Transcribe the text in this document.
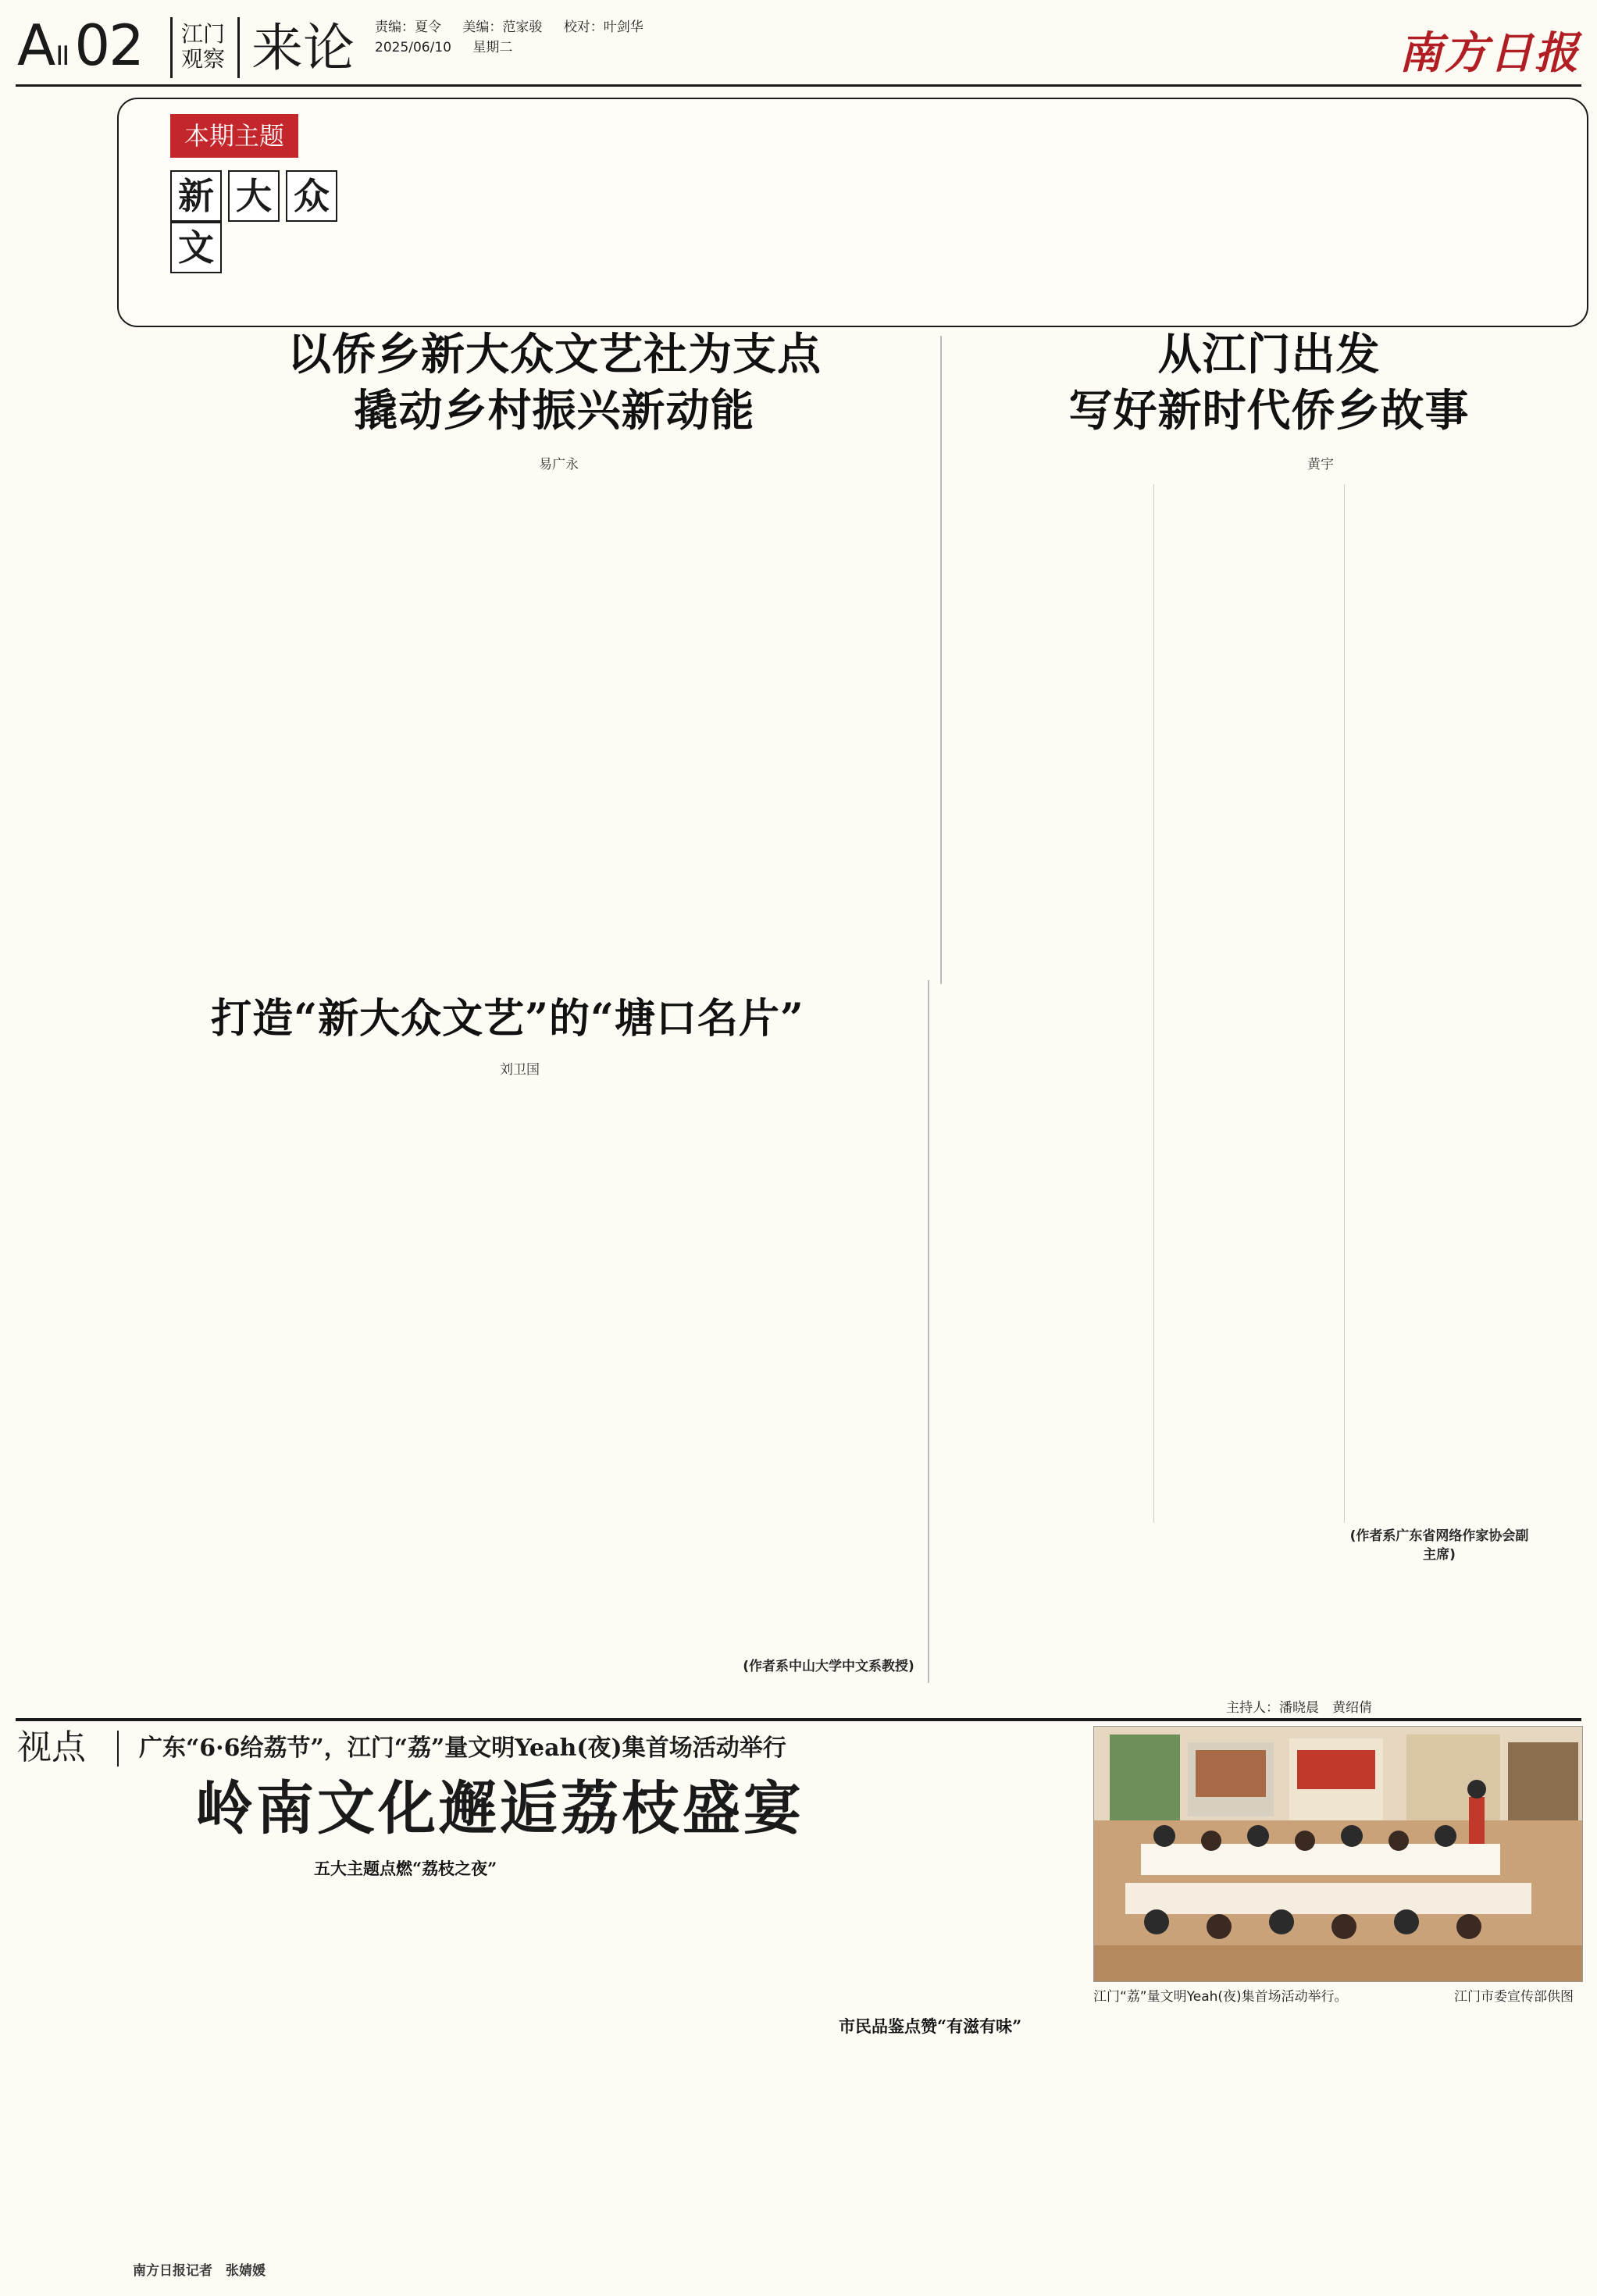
AII 02 江门观察 来论 责编：夏令 美编：范家骏 校对：叶剑华
2025/06/10 星期二	南方日报
本期主题
新 大 众文
以侨乡新大众文艺社为支点
撬动乡村振兴新动能
易广永
从江门出发
写好新时代侨乡故事
黄宇
(作者系广东省网络作家协会副主席)
打造“新大众文艺”的“塘口名片”
刘卫国
(作者系中山大学中文系教授)
主持人：潘晓晨　黄绍倩
视点 广东“6·6给荔节”，江门“荔”量文明Yeah(夜)集首场活动举行
岭南文化邂逅荔枝盛宴
南方日报记者　张婧媛
五大主题点燃“荔枝之夜”
市民品鉴点赞“有滋有味”
江门“荔”量文明Yeah(夜)集首场活动举行。	江门市委宣传部供图
